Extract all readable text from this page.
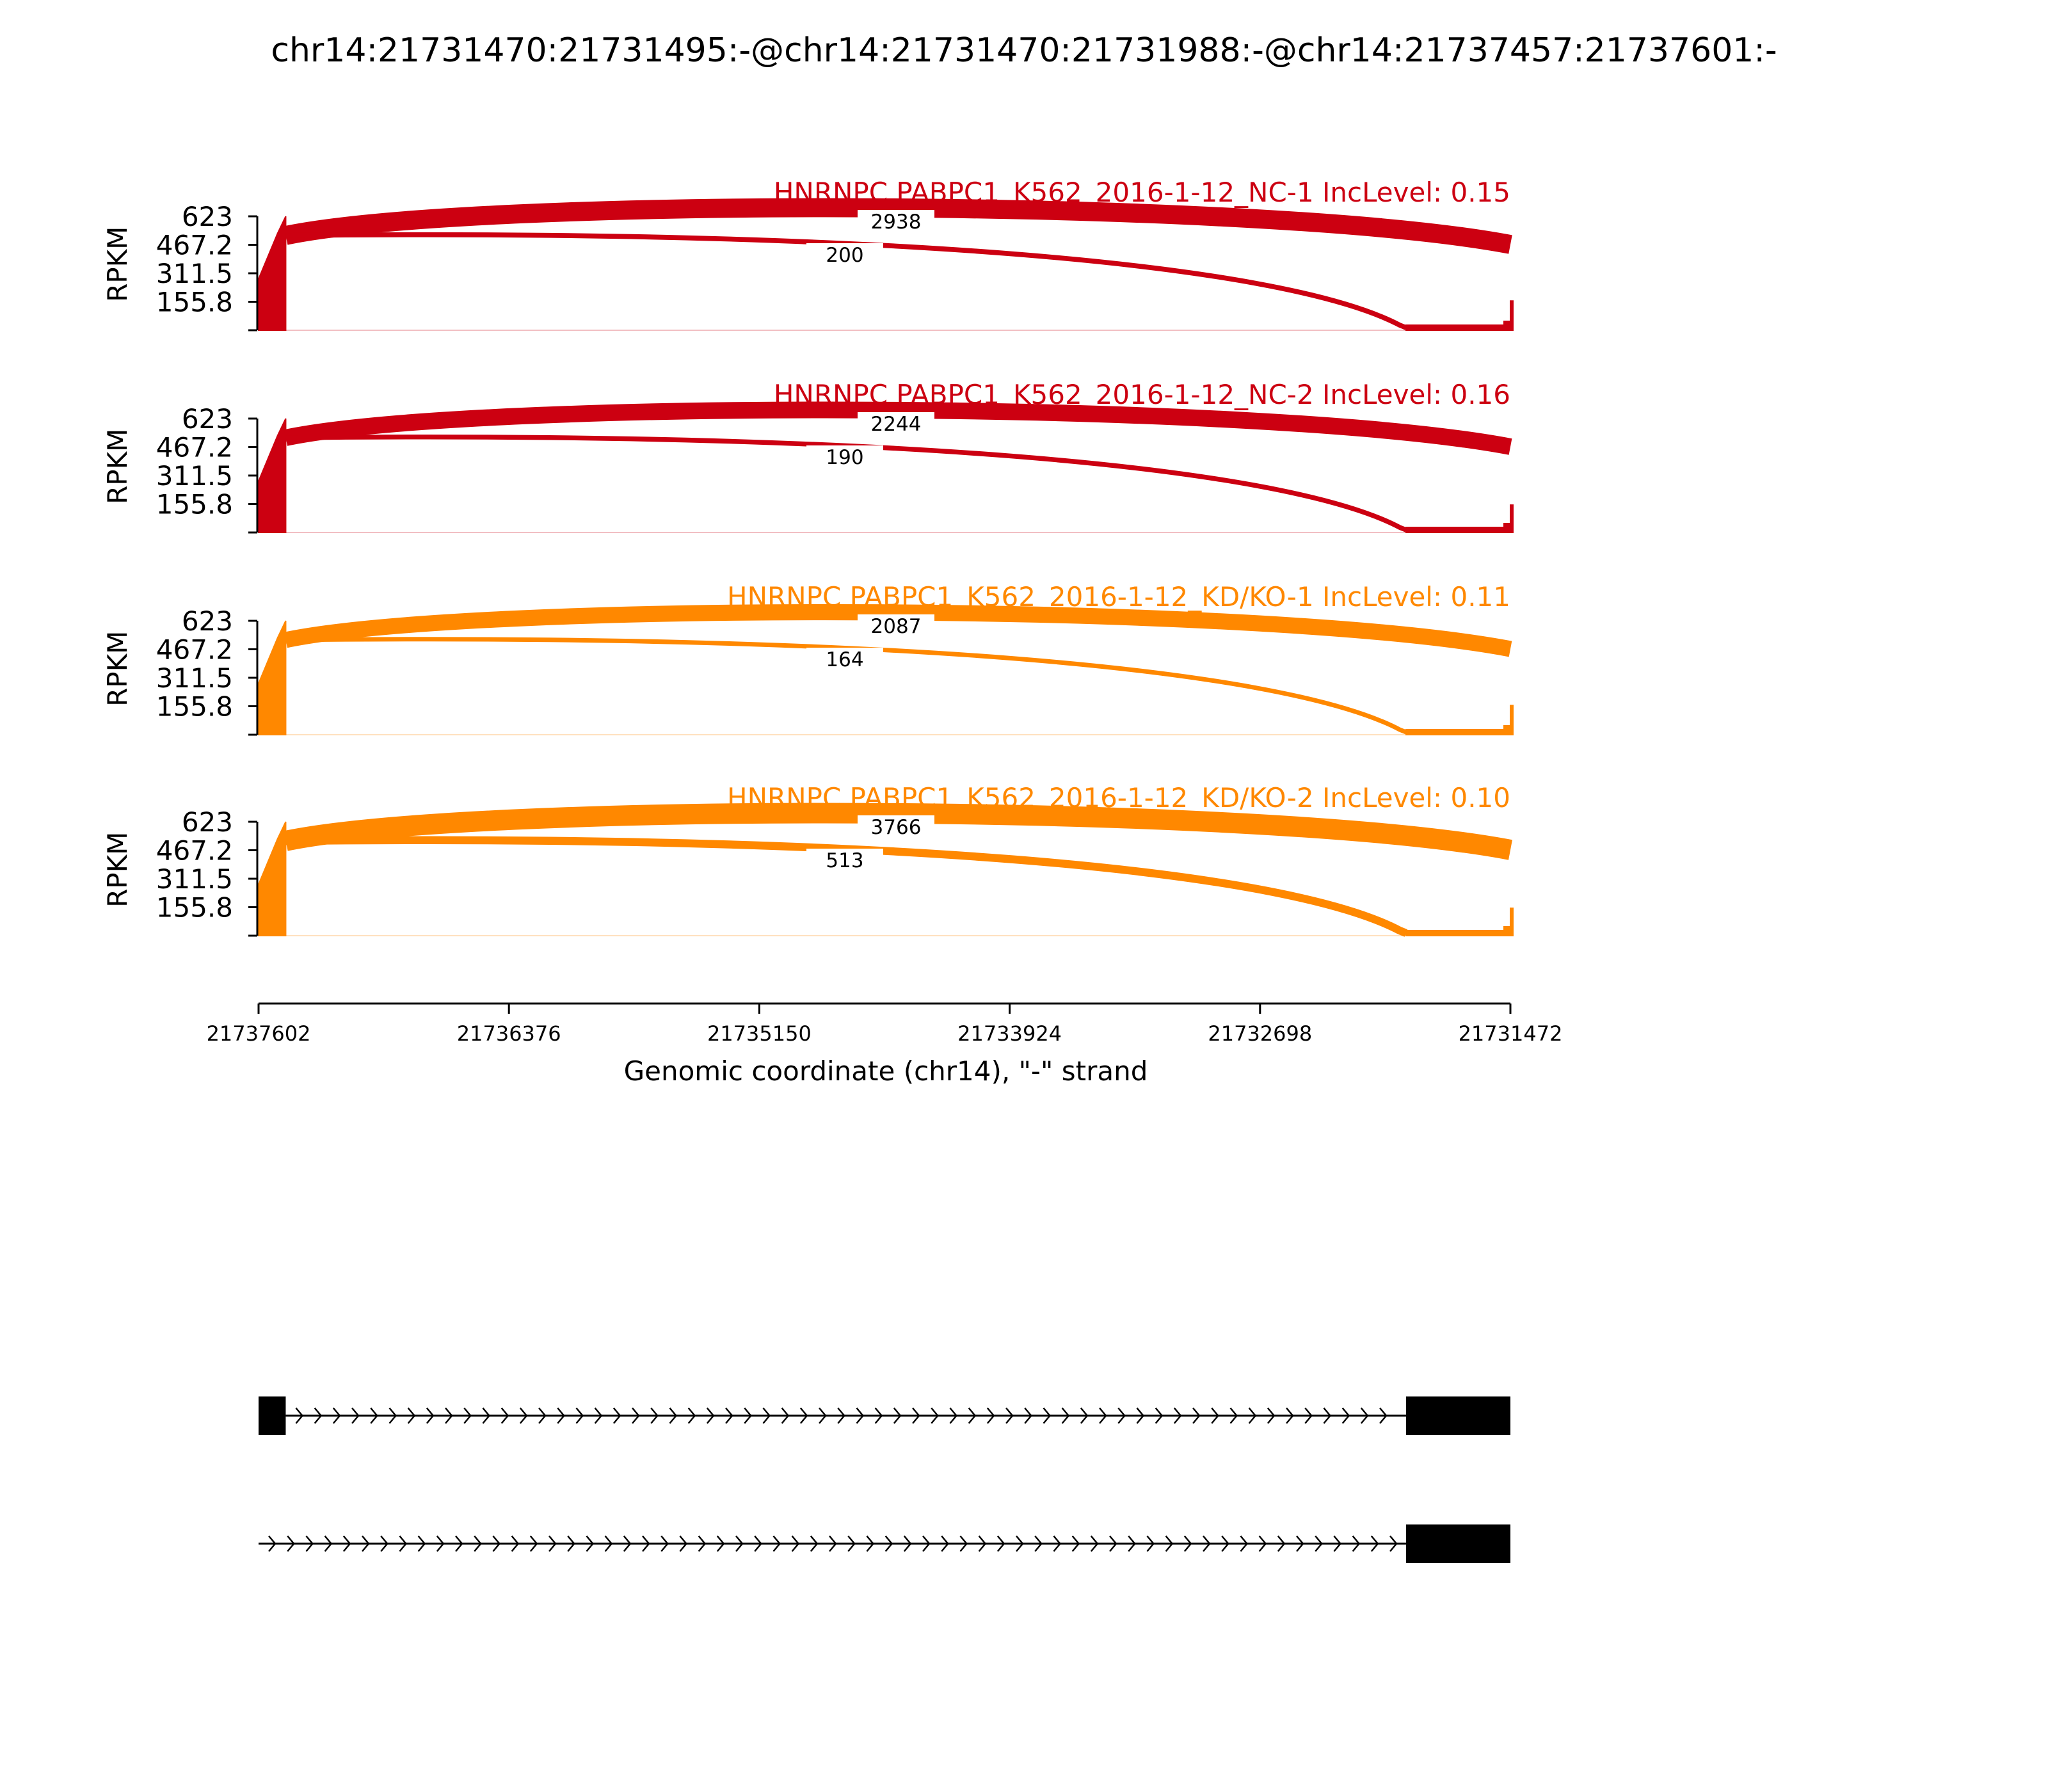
chr14:21731470:21731495:-@chr14:21731470:21731988:-@chr14:21737457:21737601:-
2938
200
623
467.2
311.5
155.8
RPKM
HNRNPC PABPC1_K562_2016-1-12_NC-1 IncLevel: 0.15
2244
190
623
467.2
311.5
155.8
RPKM
HNRNPC PABPC1_K562_2016-1-12_NC-2 IncLevel: 0.16
2087
164
623
467.2
311.5
155.8
RPKM
HNRNPC PABPC1_K562_2016-1-12_KD/KO-1 IncLevel: 0.11
3766
513
623
467.2
311.5
155.8
RPKM
HNRNPC PABPC1_K562_2016-1-12_KD/KO-2 IncLevel: 0.10
Genomic coordinate (chr14), "-" strand
21737602	21736376	21735150	21733924	21732698	21731472
